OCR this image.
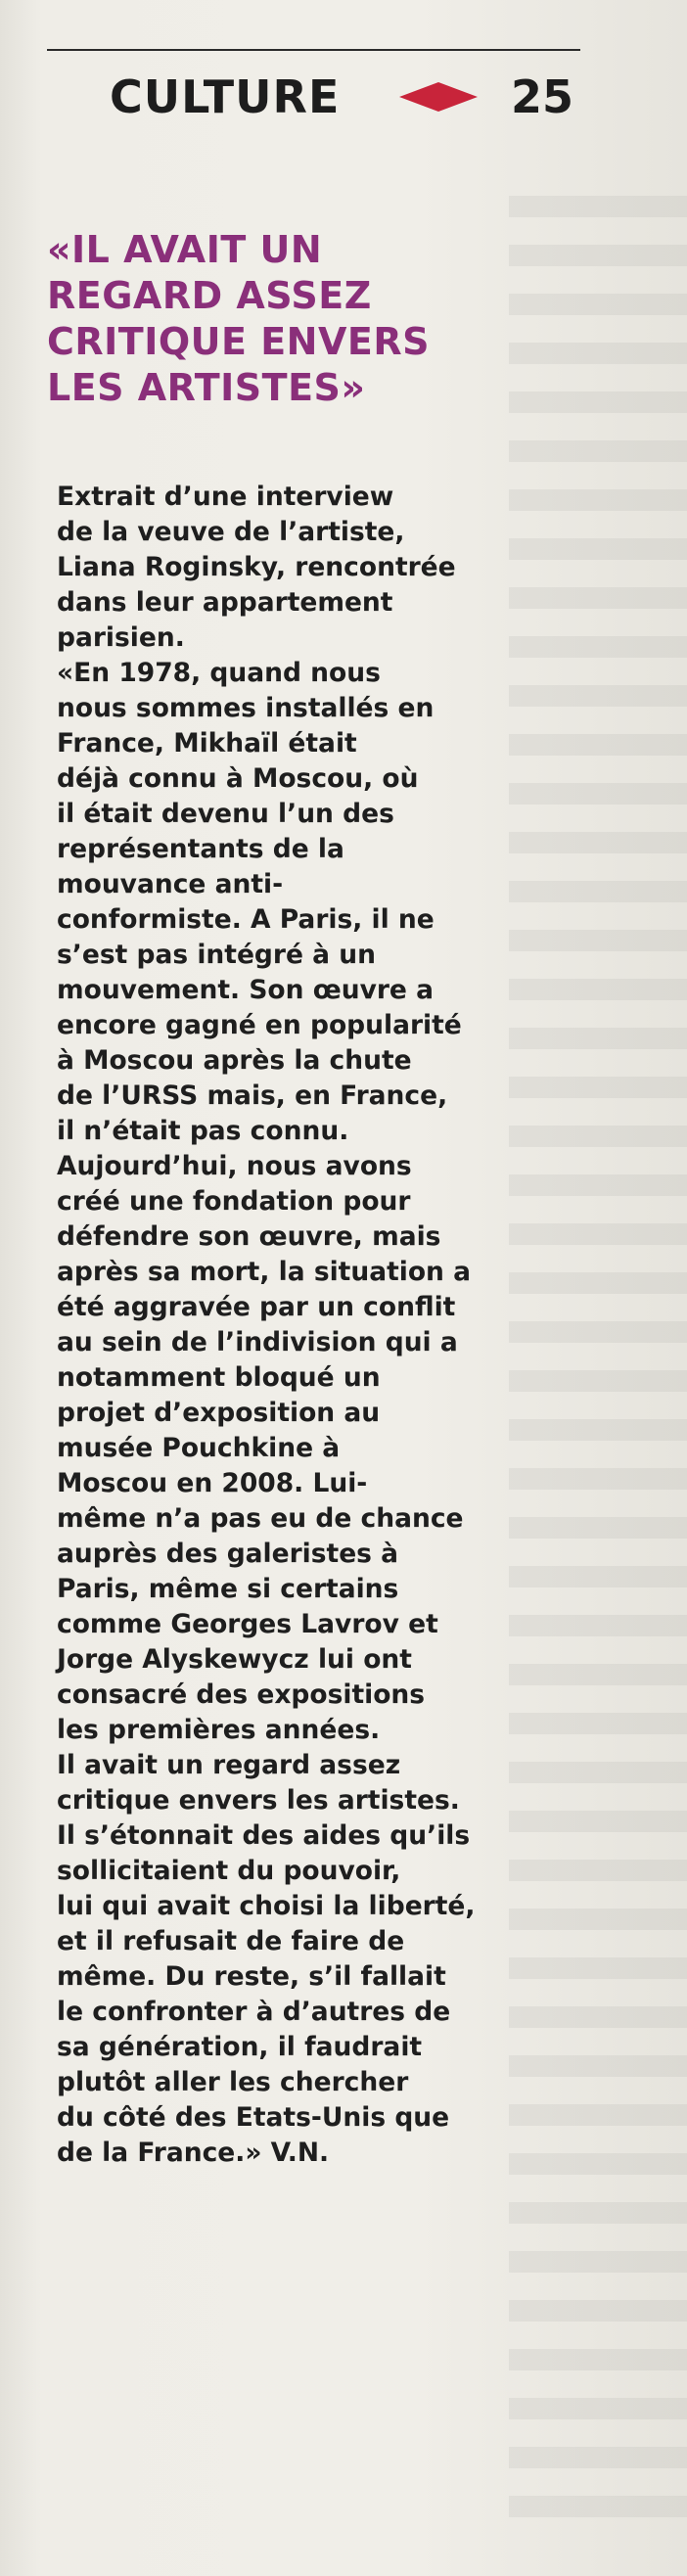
CULTURE	25
«IL AVAIT UN
REGARD ASSEZ
CRITIQUE ENVERS
LES ARTISTES»
Extrait d’une interview
de la veuve de l’artiste,
Liana Roginsky, rencontrée
dans leur appartement
parisien.
«En 1978, quand nous
nous sommes installés en
France, Mikhaïl était
déjà connu à Moscou, où
il était devenu l’un des
représentants de la
mouvance anti-
conformiste. A Paris, il ne
s’est pas intégré à un
mouvement. Son œuvre a
encore gagné en popularité
à Moscou après la chute
de l’URSS mais, en France,
il n’était pas connu.
Aujourd’hui, nous avons
créé une fondation pour
défendre son œuvre, mais
après sa mort, la situation a
été aggravée par un conflit
au sein de l’indivision qui a
notamment bloqué un
projet d’exposition au
musée Pouchkine à
Moscou en 2008. Lui-
même n’a pas eu de chance
auprès des galeristes à
Paris, même si certains
comme Georges Lavrov et
Jorge Alyskewycz lui ont
consacré des expositions
les premières années.
Il avait un regard assez
critique envers les artistes.
Il s’étonnait des aides qu’ils
sollicitaient du pouvoir,
lui qui avait choisi la liberté,
et il refusait de faire de
même. Du reste, s’il fallait
le confronter à d’autres de
sa génération, il faudrait
plutôt aller les chercher
du côté des Etats-Unis que
de la France.» V.N.
